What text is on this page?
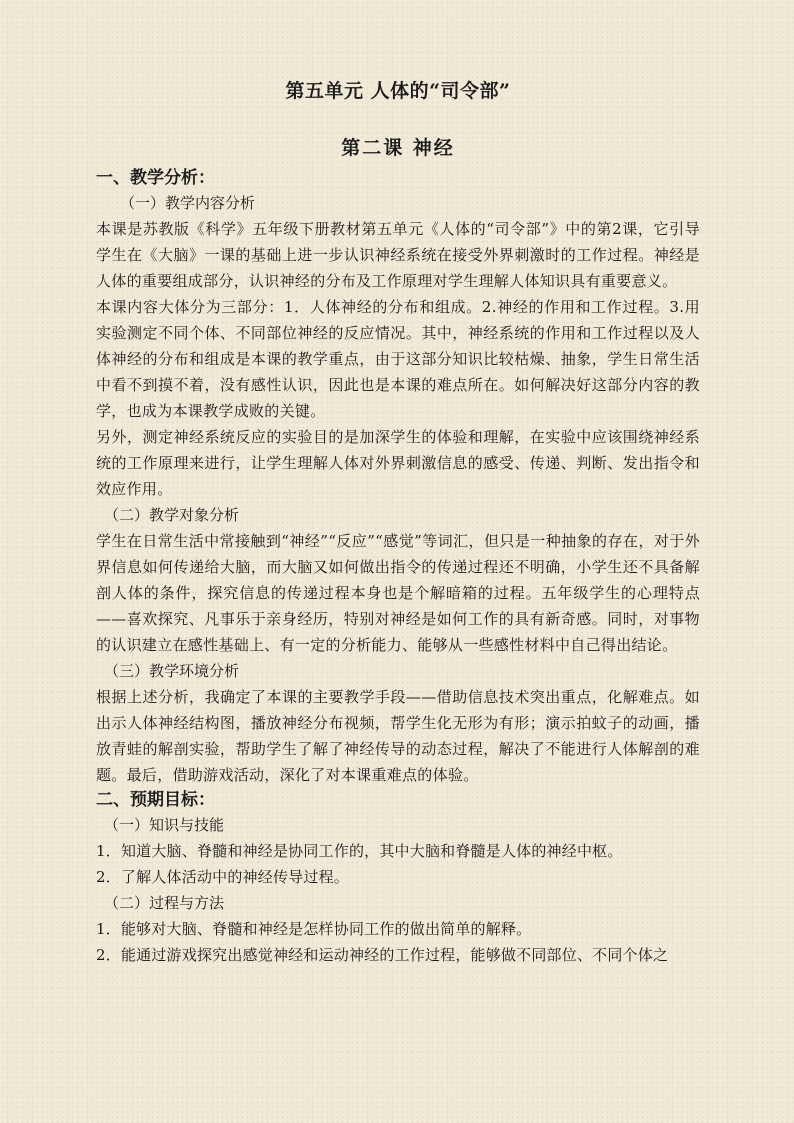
第五单元 人体的“司令部”
第二课 神经
一、教学分析：
（一）教学内容分析

本课是苏教版《科学》五年级下册教材第五单元《人体的“司令部”》中的第2课，它引导学生在《大脑》一课的基础上进一步认识神经系统在接受外界刺激时的工作过程。神经是人体的重要组成部分，认识神经的分布及工作原理对学生理解人体知识具有重要意义。

本课内容大体分为三部分：1．人体神经的分布和组成。2.神经的作用和工作过程。3.用实验测定不同个体、不同部位神经的反应情况。其中，神经系统的作用和工作过程以及人体神经的分布和组成是本课的教学重点，由于这部分知识比较枯燥、抽象，学生日常生活中看不到摸不着，没有感性认识，因此也是本课的难点所在。如何解决好这部分内容的教学，也成为本课教学成败的关键。

另外，测定神经系统反应的实验目的是加深学生的体验和理解，在实验中应该围绕神经系统的工作原理来进行，让学生理解人体对外界刺激信息的感受、传递、判断、发出指令和效应作用。

（二）教学对象分析

学生在日常生活中常接触到“神经”“反应”“感觉”等词汇，但只是一种抽象的存在，对于外界信息如何传递给大脑，而大脑又如何做出指令的传递过程还不明确，小学生还不具备解剖人体的条件，探究信息的传递过程本身也是个解暗箱的过程。五年级学生的心理特点——喜欢探究、凡事乐于亲身经历，特别对神经是如何工作的具有新奇感。同时，对事物的认识建立在感性基础上、有一定的分析能力、能够从一些感性材料中自己得出结论。

（三）教学环境分析

根据上述分析，我确定了本课的主要教学手段——借助信息技术突出重点，化解难点。如出示人体神经结构图，播放神经分布视频，帮学生化无形为有形；演示拍蚊子的动画，播放青蛙的解剖实验，帮助学生了解了神经传导的动态过程，解决了不能进行人体解剖的难题。最后，借助游戏活动，深化了对本课重难点的体验。

二、预期目标：
（一）知识与技能

1．知道大脑、脊髓和神经是协同工作的，其中大脑和脊髓是人体的神经中枢。

2．了解人体活动中的神经传导过程。

（二）过程与方法

1．能够对大脑、脊髓和神经是怎样协同工作的做出简单的解释。

2．能通过游戏探究出感觉神经和运动神经的工作过程，能够做不同部位、不同个体之
